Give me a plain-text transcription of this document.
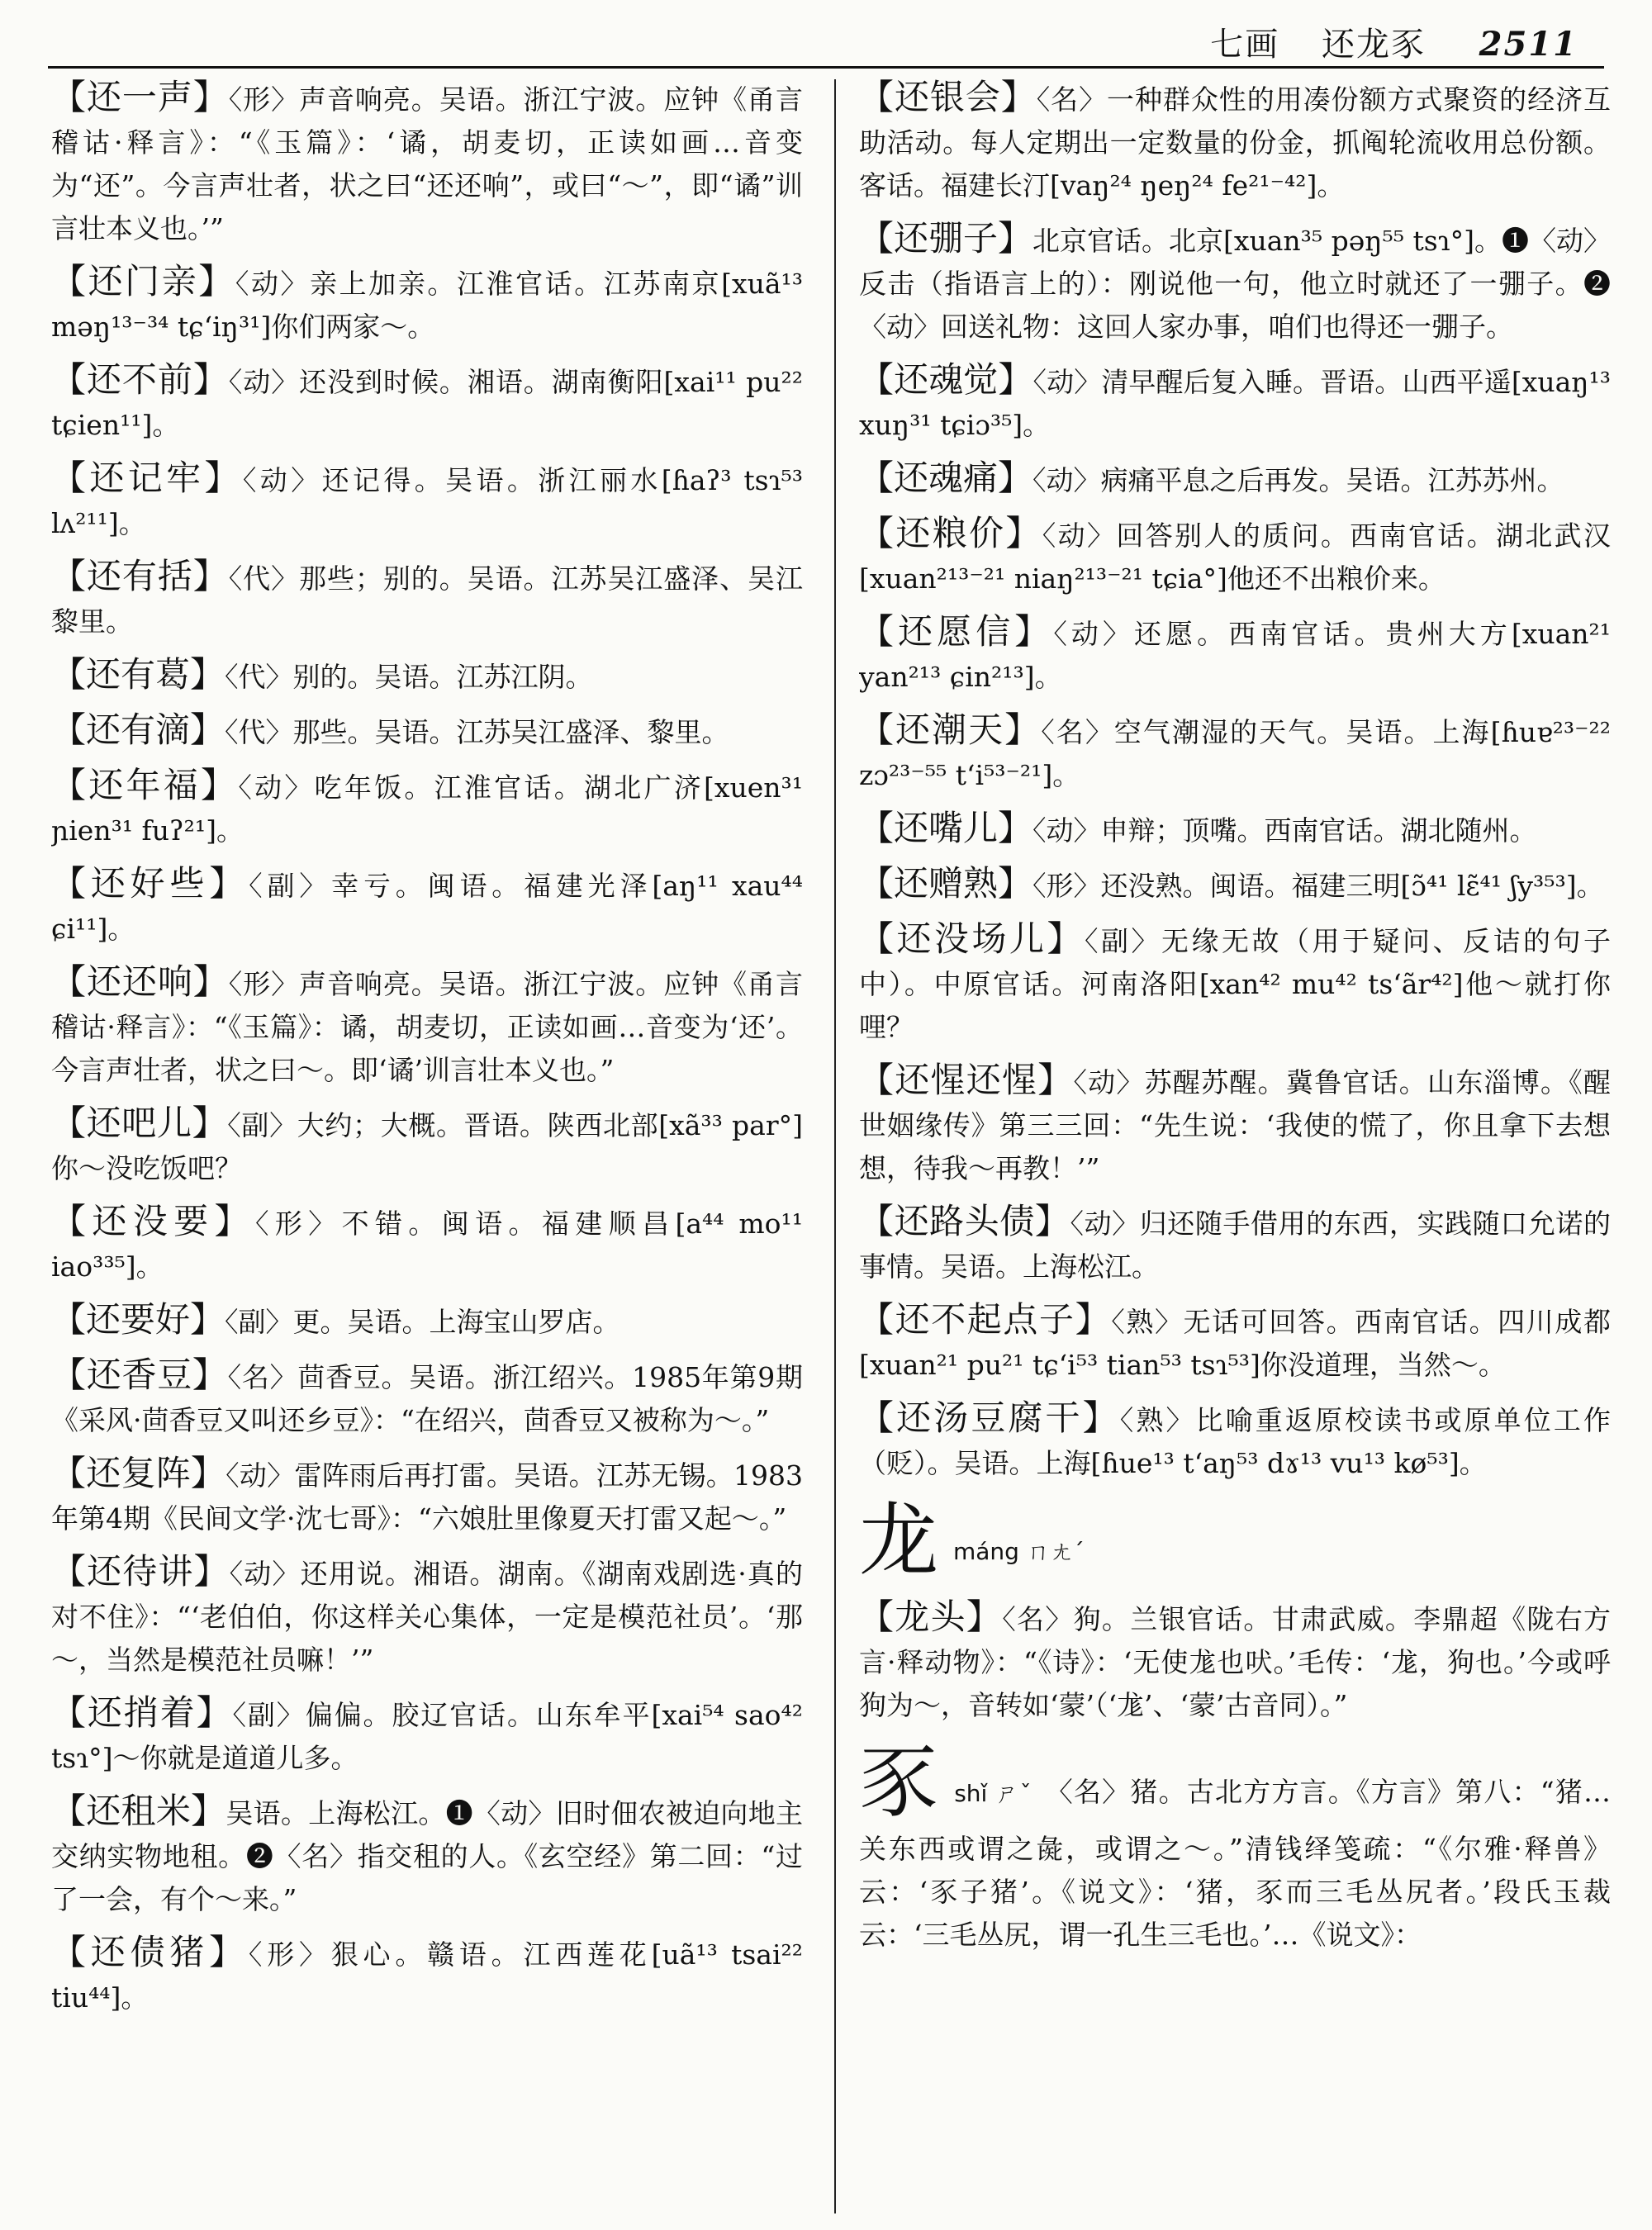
七画 还龙豕 2511

【还一声】〈形〉声音响亮。吴语。浙江宁波。应钟《甬言稽诂·释言》：“《玉篇》：‘谲，胡麦切，正读如画…音变为“还”。今言声壮者，状之曰“还还响”，或曰“～”，即“谲”训言壮本义也。’”

【还门亲】〈动〉亲上加亲。江淮官话。江苏南京[xuã¹³ məŋ¹³⁻³⁴ tɕʻiŋ³¹]你们两家～。

【还不前】〈动〉还没到时候。湘语。湖南衡阳[xai¹¹ pu²² tɕien¹¹]。

【还记牢】〈动〉还记得。吴语。浙江丽水[ɦaʔ³ tsɿ⁵³ lʌ²¹¹]。

【还有括】〈代〉那些；别的。吴语。江苏吴江盛泽、吴江黎里。

【还有葛】〈代〉别的。吴语。江苏江阴。

【还有滴】〈代〉那些。吴语。江苏吴江盛泽、黎里。

【还年福】〈动〉吃年饭。江淮官话。湖北广济[xuen³¹ ɲien³¹ fuʔ²¹]。

【还好些】〈副〉幸亏。闽语。福建光泽[aŋ¹¹ xau⁴⁴ ɕi¹¹]。

【还还响】〈形〉声音响亮。吴语。浙江宁波。应钟《甬言稽诂·释言》：“《玉篇》：谲，胡麦切，正读如画…音变为‘还’。今言声壮者，状之曰～。即‘谲’训言壮本义也。”

【还吧儿】〈副〉大约；大概。晋语。陕西北部[xã³³ par°]你～没吃饭吧？

【还没要】〈形〉不错。闽语。福建顺昌[a⁴⁴ mo¹¹ iao³³⁵]。

【还要好】〈副〉更。吴语。上海宝山罗店。

【还香豆】〈名〉茴香豆。吴语。浙江绍兴。1985年第9期《采风·茴香豆又叫还乡豆》：“在绍兴，茴香豆又被称为～。”

【还复阵】〈动〉雷阵雨后再打雷。吴语。江苏无锡。1983年第4期《民间文学·沈七哥》：“六娘肚里像夏天打雷又起～。”

【还待讲】〈动〉还用说。湘语。湖南。《湖南戏剧选·真的对不住》：“‘老伯伯，你这样关心集体，一定是模范社员’。‘那～，当然是模范社员嘛！’”

【还捎着】〈副〉偏偏。胶辽官话。山东牟平[xai⁵⁴ sao⁴² tsɿ°]～你就是道道儿多。

【还租米】吴语。上海松江。❶〈动〉旧时佃农被迫向地主交纳实物地租。❷〈名〉指交租的人。《玄空经》第二回：“过了一会，有个～来。”

【还债猪】〈形〉狠心。赣语。江西莲花[uã¹³ tsai²² tiu⁴⁴]。

【还银会】〈名〉一种群众性的用凑份额方式聚资的经济互助活动。每人定期出一定数量的份金，抓阄轮流收用总份额。客话。福建长汀[vaŋ²⁴ ŋeŋ²⁴ fe²¹⁻⁴²]。

【还弸子】北京官话。北京[xuan³⁵ pəŋ⁵⁵ tsɿ°]。❶〈动〉反击（指语言上的）：刚说他一句，他立时就还了一弸子。❷〈动〉回送礼物：这回人家办事，咱们也得还一弸子。

【还魂觉】〈动〉清早醒后复入睡。晋语。山西平遥[xuaŋ¹³ xuŋ³¹ tɕiɔ³⁵]。

【还魂痛】〈动〉病痛平息之后再发。吴语。江苏苏州。

【还粮价】〈动〉回答别人的质问。西南官话。湖北武汉[xuan²¹³⁻²¹ niaŋ²¹³⁻²¹ tɕia°]他还不出粮价来。

【还愿信】〈动〉还愿。西南官话。贵州大方[xuan²¹ yan²¹³ ɕin²¹³]。

【还潮天】〈名〉空气潮湿的天气。吴语。上海[ɦuɐ²³⁻²² zɔ²³⁻⁵⁵ tʻi⁵³⁻²¹]。

【还嘴儿】〈动〉申辩；顶嘴。西南官话。湖北随州。

【还赠熟】〈形〉还没熟。闽语。福建三明[ɔ̃⁴¹ lɛ̃⁴¹ ʃy³⁵³]。

【还没场儿】〈副〉无缘无故（用于疑问、反诘的句子中）。中原官话。河南洛阳[xan⁴² mu⁴² tsʻãr⁴²]他～就打你哩？

【还惺还惺】〈动〉苏醒苏醒。冀鲁官话。山东淄博。《醒世姻缘传》第三三回：“先生说：‘我使的慌了，你且拿下去想想，待我～再教！’”

【还路头债】〈动〉归还随手借用的东西，实践随口允诺的事情。吴语。上海松江。

【还不起点子】〈熟〉无话可回答。西南官话。四川成都[xuan²¹ pu²¹ tɕʻi⁵³ tian⁵³ tsɿ⁵³]你没道理，当然～。

【还汤豆腐干】〈熟〉比喻重返原校读书或原单位工作（贬）。吴语。上海[ɦue¹³ tʻaŋ⁵³ dɤ¹³ vu¹³ kø⁵³]。

龙máng ㄇㄤˊ

【龙头】〈名〉狗。兰银官话。甘肃武威。李鼎超《陇右方言·释动物》：“《诗》：‘无使尨也吠。’毛传：‘尨，狗也。’今或呼狗为～，音转如‘蒙’（‘尨’、‘蒙’古音同）。”

豕shǐ ㄕˇ 〈名〉猪。古北方方言。《方言》第八：“猪…关东西或谓之彘，或谓之～。”清钱绎笺疏：“《尔雅·释兽》云：‘豕子猪’。《说文》：‘猪，豕而三毛丛尻者。’段氏玉裁云：‘三毛丛尻，谓一孔生三毛也。’…《说文》：
